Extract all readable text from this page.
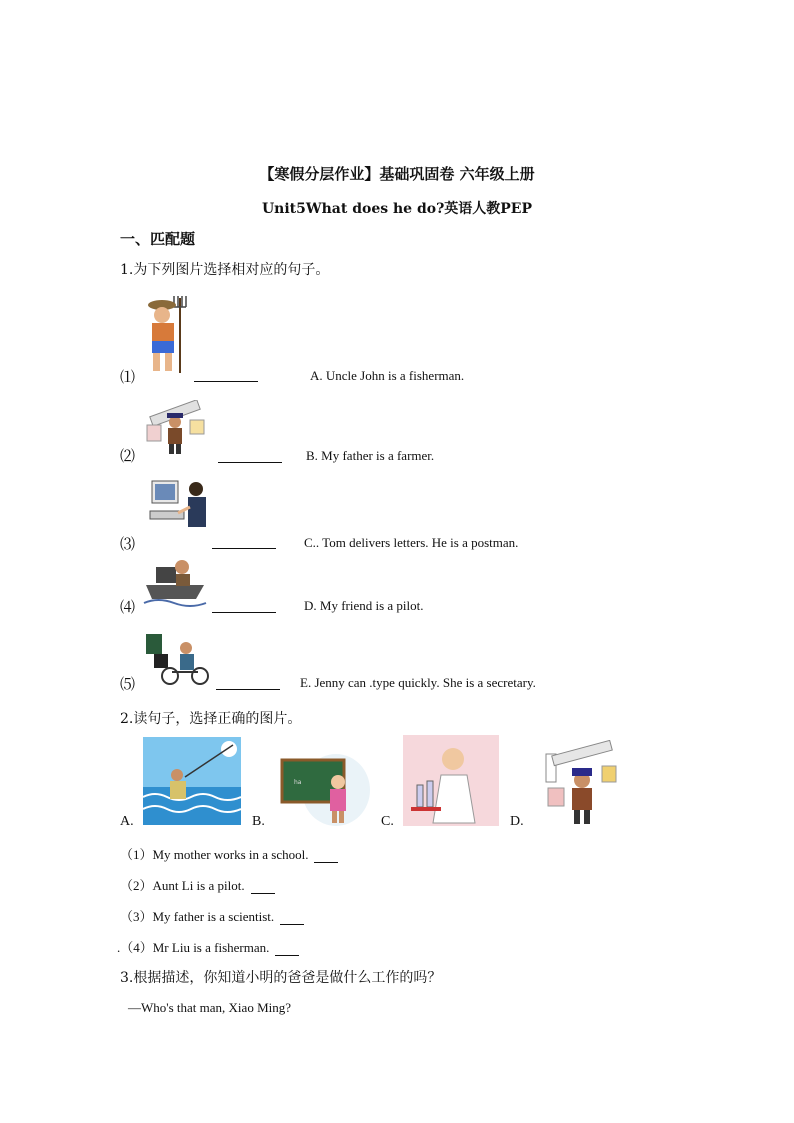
【寒假分层作业】基础巩固卷 六年级上册
Unit5What does he do?英语人教PEP
一、匹配题
1.为下列图片选择相对应的句子。
⑴	A. Uncle John is a fisherman.
⑵	B. My father is a farmer.
⑶	C.. Tom delivers letters. He is a postman.
⑷	D. My friend is a pilot.
⑸	E. Jenny can .type quickly. She is a secretary.
2.读句子，选择正确的图片。
ha
A.	B.	C.	D.
（1）My mother works in a school.
（2）Aunt Li is a pilot.
（3）My father is a scientist.
.（4）Mr Liu is a fisherman.
3.根据描述，你知道小明的爸爸是做什么工作的吗？
—Who's that man, Xiao Ming?
